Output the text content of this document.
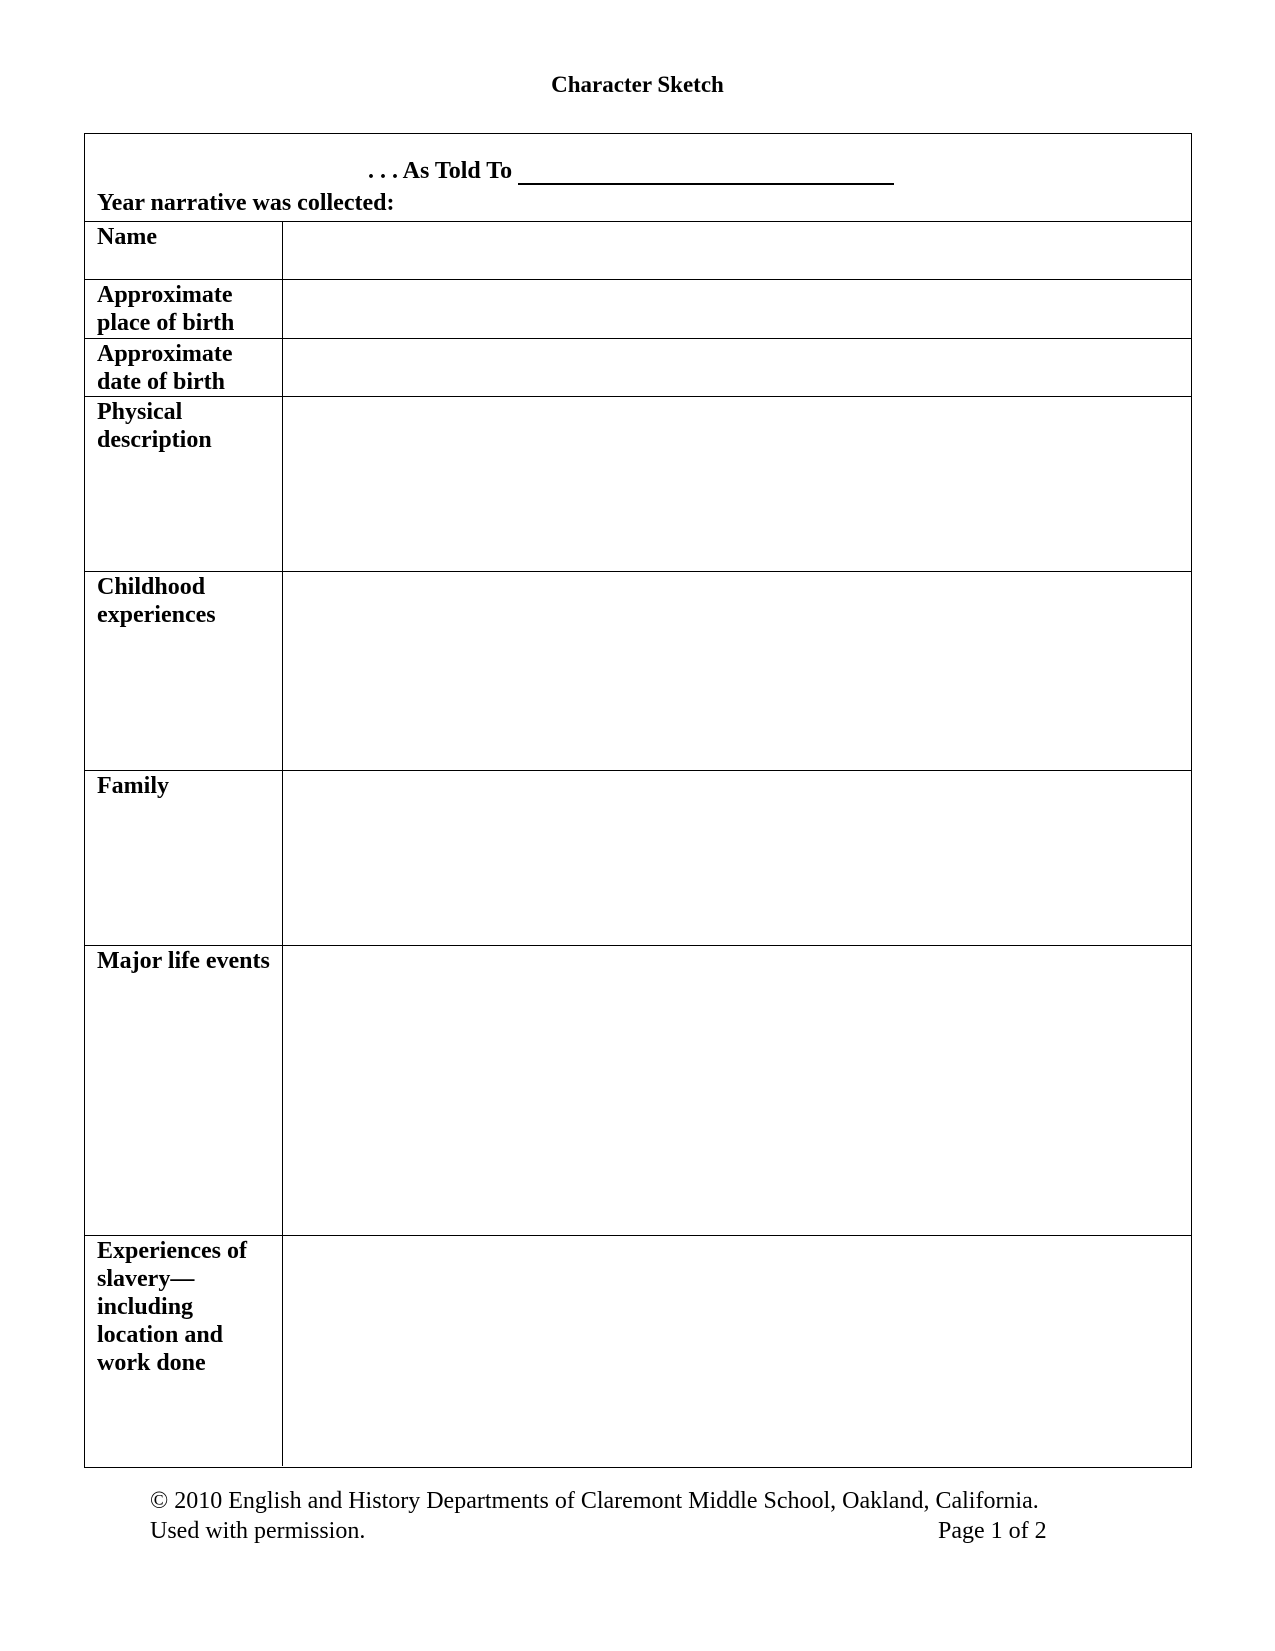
Character Sketch
. . . As Told To
Year narrative was collected:
Name
Approximate place of birth
Approximate date of birth
Physical description
Childhood experiences
Family
Major life events
Experiences of slavery— including location and work done
© 2010 English and History Departments of Claremont Middle School, Oakland, California.
Used with permission.	Page 1 of 2
